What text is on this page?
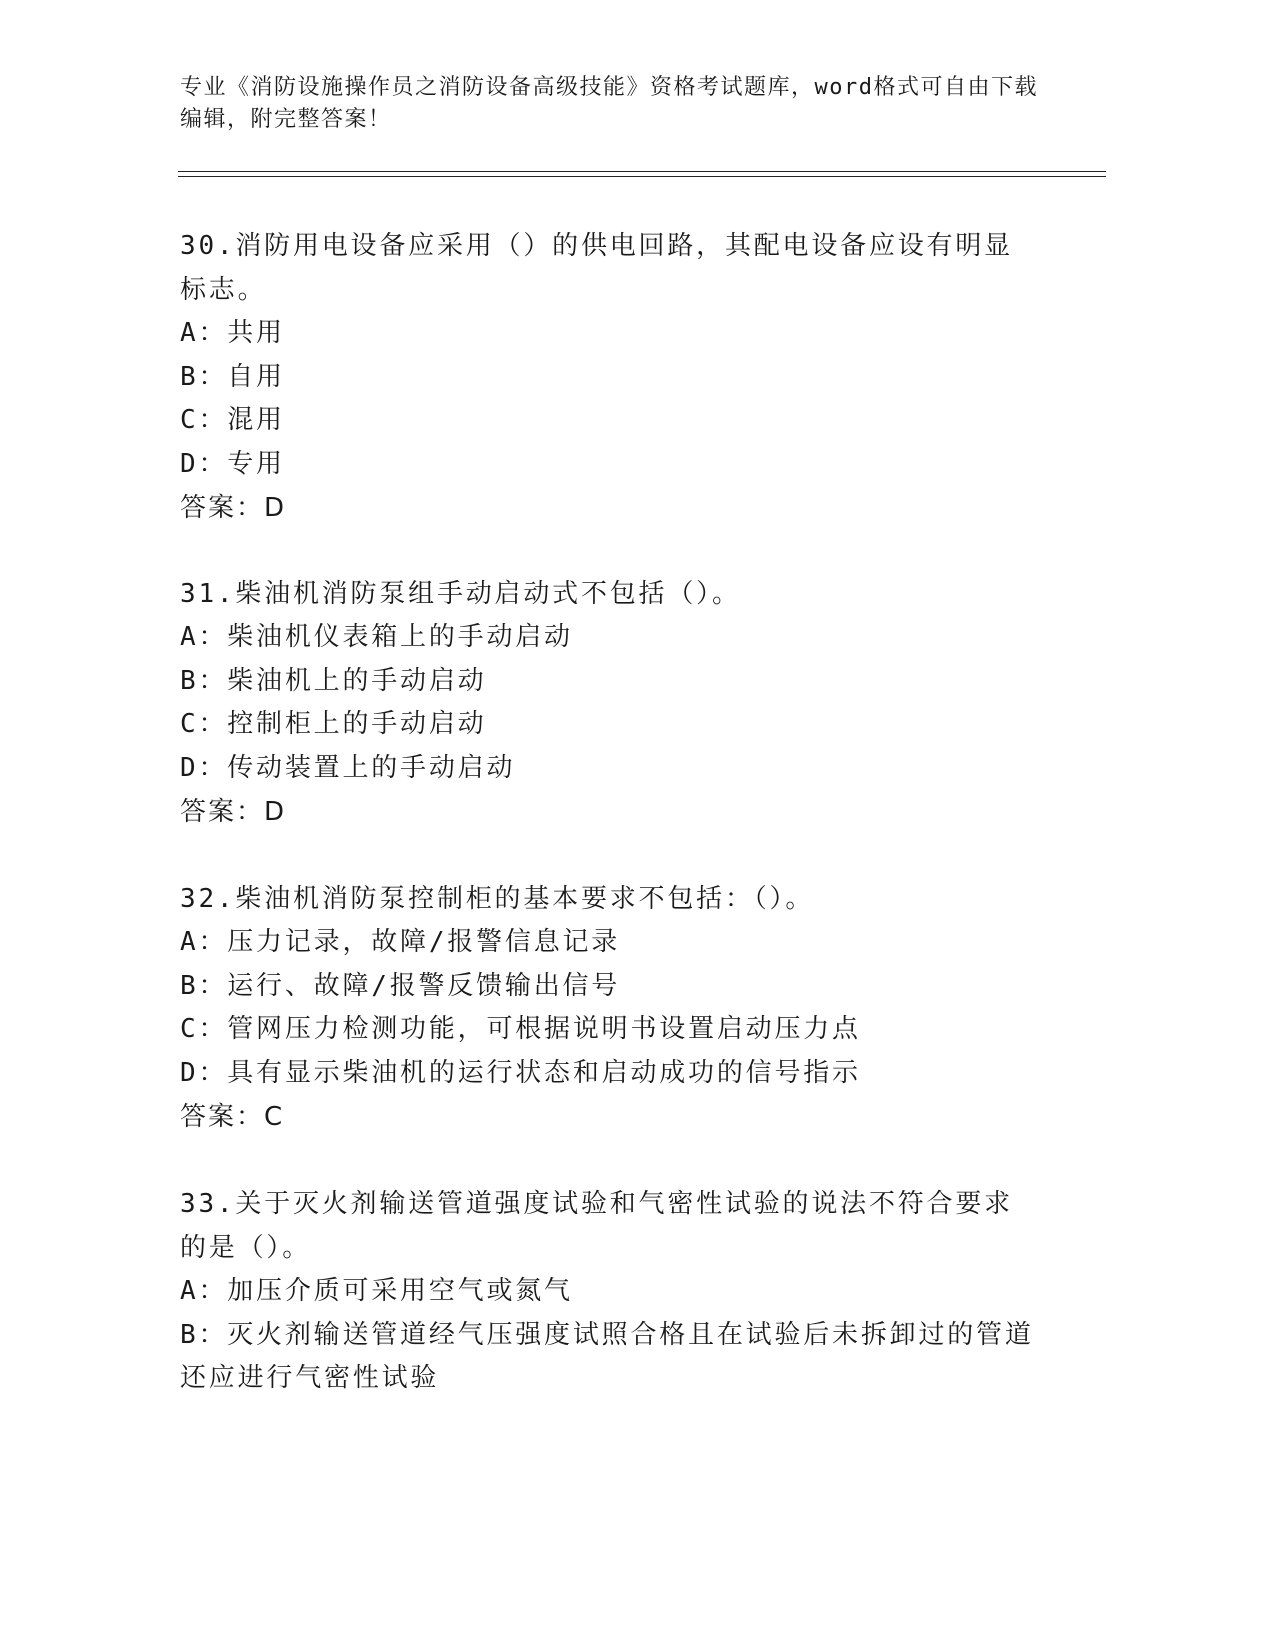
专业《消防设施操作员之消防设备高级技能》资格考试题库，word格式可自由下载编辑，附完整答案！
30.消防用电设备应采用（）的供电回路，其配电设备应设有明显标志。
A：共用
B：自用
C：混用
D：专用
答案：D
31.柴油机消防泵组手动启动式不包括（）。
A：柴油机仪表箱上的手动启动
B：柴油机上的手动启动
C：控制柜上的手动启动
D：传动装置上的手动启动
答案：D
32.柴油机消防泵控制柜的基本要求不包括：（）。
A：压力记录，故障/报警信息记录
B：运行、故障/报警反馈输出信号
C：管网压力检测功能，可根据说明书设置启动压力点
D：具有显示柴油机的运行状态和启动成功的信号指示
答案：C
33.关于灭火剂输送管道强度试验和气密性试验的说法不符合要求的是（）。
A：加压介质可采用空气或氮气
B：灭火剂输送管道经气压强度试照合格且在试验后未拆卸过的管道还应进行气密性试验
